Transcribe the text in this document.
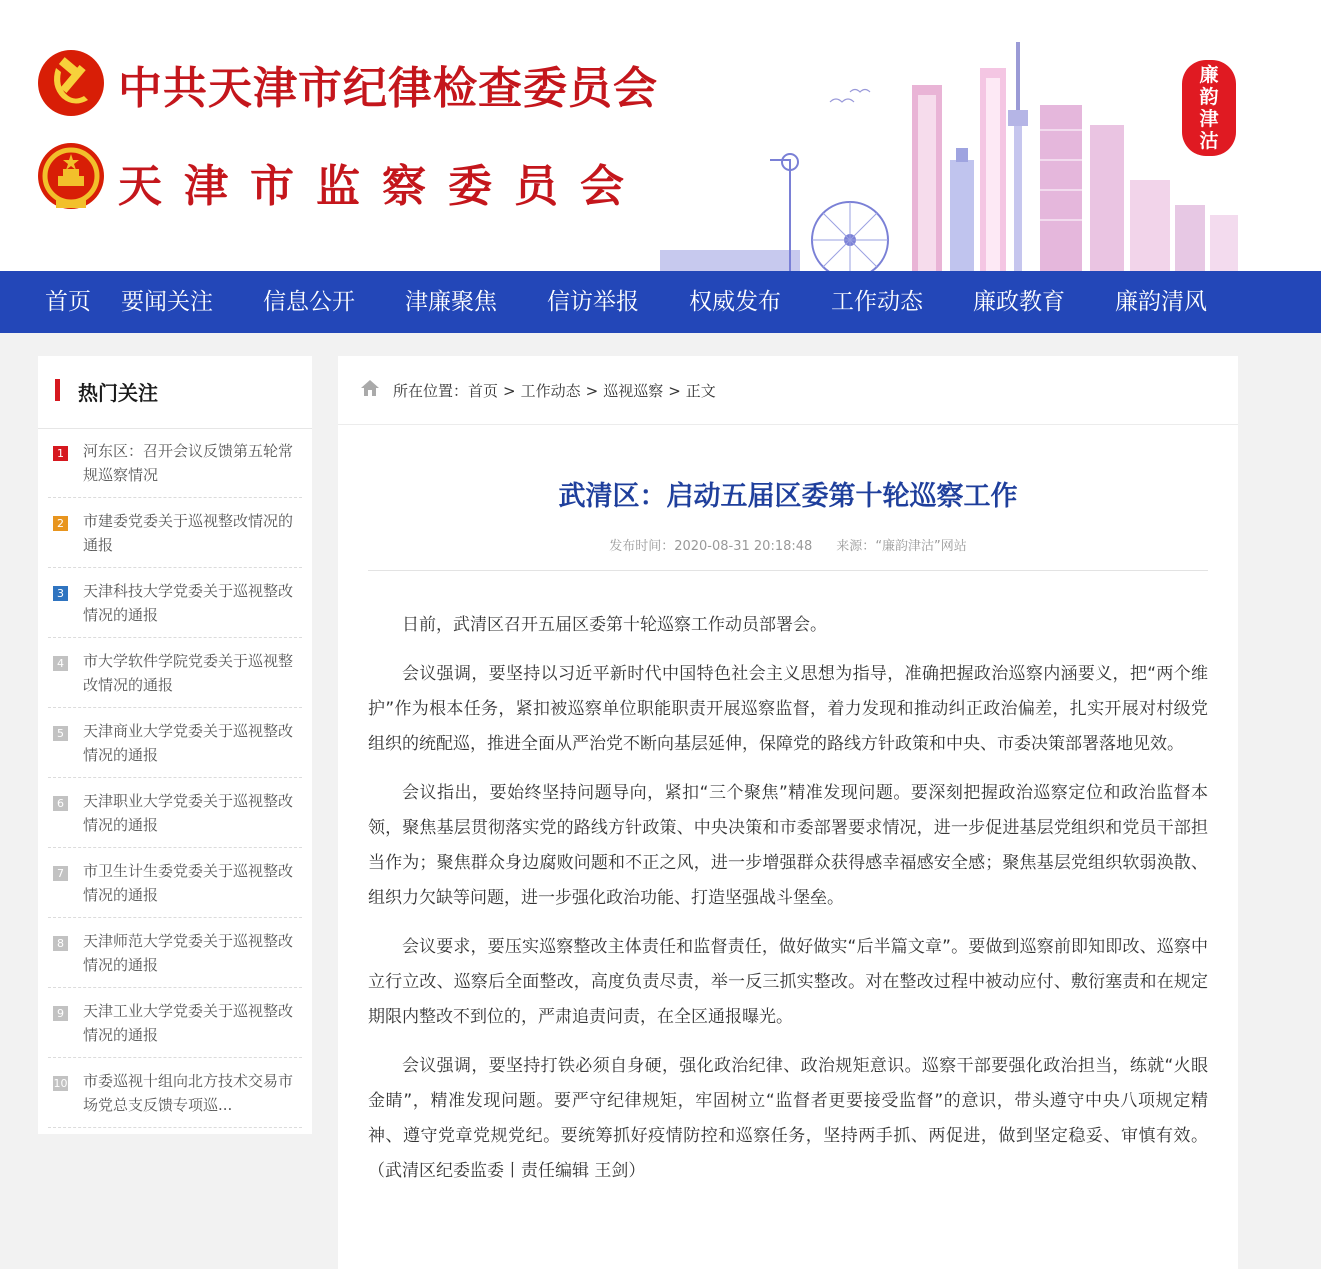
中共天津市纪律检查委员会
天津市监察委员会
廉
韵
津
沽
首页 要闻关注 信息公开 津廉聚焦 信访举报 权威发布 工作动态 廉政教育 廉韵清风
热门关注
1 河东区：召开会议反馈第五轮常规巡察情况
2 市建委党委关于巡视整改情况的通报
3 天津科技大学党委关于巡视整改情况的通报
4 市大学软件学院党委关于巡视整改情况的通报
5 天津商业大学党委关于巡视整改情况的通报
6 天津职业大学党委关于巡视整改情况的通报
7 市卫生计生委党委关于巡视整改情况的通报
8 天津师范大学党委关于巡视整改情况的通报
9 天津工业大学党委关于巡视整改情况的通报
10 市委巡视十组向北方技术交易市场党总支反馈专项巡...
所在位置：首页 > 工作动态 > 巡视巡察 > 正文
武清区：启动五届区委第十轮巡察工作
发布时间：2020-08-31 20:18:48 来源：“廉韵津沽”网站

日前，武清区召开五届区委第十轮巡察工作动员部署会。

会议强调，要坚持以习近平新时代中国特色社会主义思想为指导，准确把握政治巡察内涵要义，把“两个维护”作为根本任务，紧扣被巡察单位职能职责开展巡察监督，着力发现和推动纠正政治偏差，扎实开展对村级党组织的统配巡，推进全面从严治党不断向基层延伸，保障党的路线方针政策和中央、市委决策部署落地见效。

会议指出，要始终坚持问题导向，紧扣“三个聚焦”精准发现问题。要深刻把握政治巡察定位和政治监督本领，聚焦基层贯彻落实党的路线方针政策、中央决策和市委部署要求情况，进一步促进基层党组织和党员干部担当作为；聚焦群众身边腐败问题和不正之风，进一步增强群众获得感幸福感安全感；聚焦基层党组织软弱涣散、组织力欠缺等问题，进一步强化政治功能、打造坚强战斗堡垒。

会议要求，要压实巡察整改主体责任和监督责任，做好做实“后半篇文章”。要做到巡察前即知即改、巡察中立行立改、巡察后全面整改，高度负责尽责，举一反三抓实整改。对在整改过程中被动应付、敷衍塞责和在规定期限内整改不到位的，严肃追责问责，在全区通报曝光。

会议强调，要坚持打铁必须自身硬，强化政治纪律、政治规矩意识。巡察干部要强化政治担当，练就“火眼金睛”，精准发现问题。要严守纪律规矩，牢固树立“监督者更要接受监督”的意识，带头遵守中央八项规定精神、遵守党章党规党纪。要统筹抓好疫情防控和巡察任务，坚持两手抓、两促进，做到坚定稳妥、审慎有效。（武清区纪委监委丨责任编辑 王剑）
